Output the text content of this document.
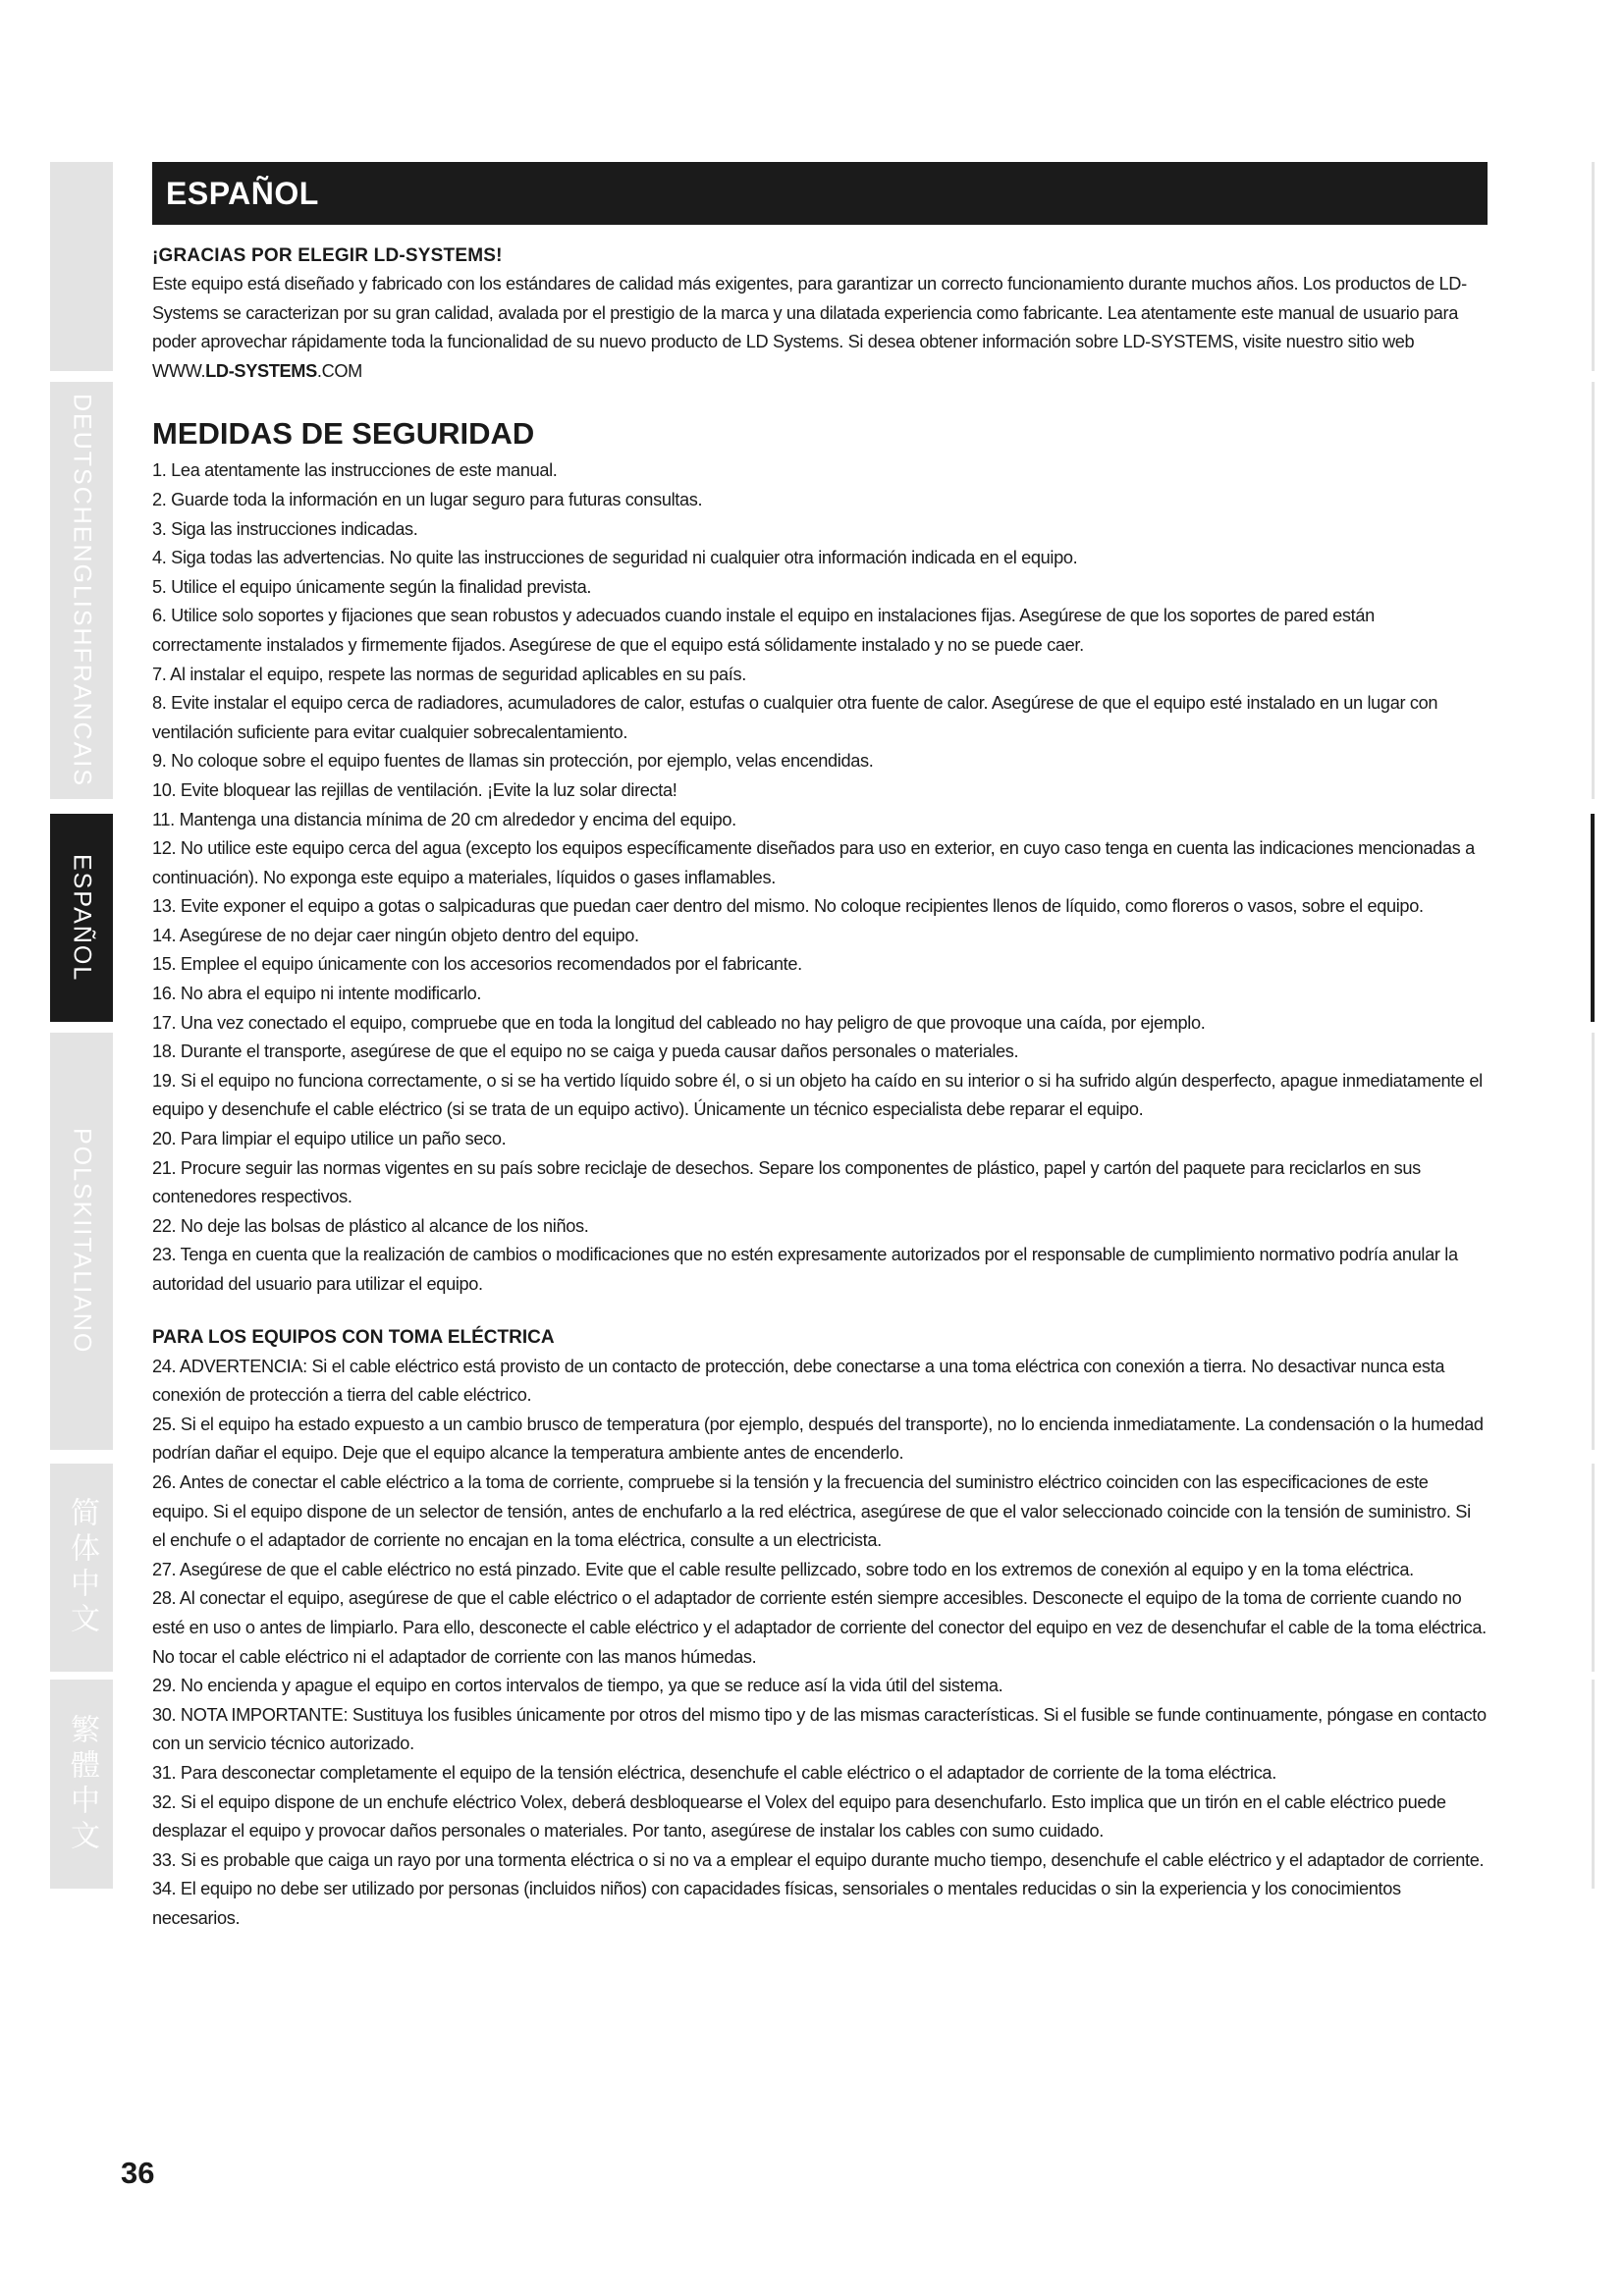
DEUTSCHENGLISHFRANCAIS
ESPAÑOL
POLSKIITALIANO
简体中文
繁體中文
ESPAÑOL
¡GRACIAS POR ELEGIR LD-SYSTEMS!

Este equipo está diseñado y fabricado con los estándares de calidad más exigentes, para garantizar un correcto funcionamiento durante muchos años. Los productos de LD-Systems se caracterizan por su gran calidad, avalada por el prestigio de la marca y una dilatada experiencia como fabricante. Lea atentamente este manual de usuario para poder aprovechar rápidamente toda la funcionalidad de su nuevo producto de LD Systems. Si desea obtener información sobre LD-SYSTEMS, visite nuestro sitio web WWW.LD-SYSTEMS.COM

MEDIDAS DE SEGURIDAD

1. Lea atentamente las instrucciones de este manual.

2. Guarde toda la información en un lugar seguro para futuras consultas.

3. Siga las instrucciones indicadas.

4. Siga todas las advertencias. No quite las instrucciones de seguridad ni cualquier otra información indicada en el equipo.

5. Utilice el equipo únicamente según la finalidad prevista.

6. Utilice solo soportes y fijaciones que sean robustos y adecuados cuando instale el equipo en instalaciones fijas. Asegúrese de que los soportes de pared están correctamente instalados y firmemente fijados. Asegúrese de que el equipo está sólidamente instalado y no se puede caer.

7. Al instalar el equipo, respete las normas de seguridad aplicables en su país.

8. Evite instalar el equipo cerca de radiadores, acumuladores de calor, estufas o cualquier otra fuente de calor. Asegúrese de que el equipo esté instalado en un lugar con ventilación suficiente para evitar cualquier sobrecalentamiento.

9. No coloque sobre el equipo fuentes de llamas sin protección, por ejemplo, velas encendidas.

10. Evite bloquear las rejillas de ventilación. ¡Evite la luz solar directa!

11. Mantenga una distancia mínima de 20 cm alrededor y encima del equipo.

12. No utilice este equipo cerca del agua (excepto los equipos específicamente diseñados para uso en exterior, en cuyo caso tenga en cuenta las indicaciones mencionadas a continuación). No exponga este equipo a materiales, líquidos o gases inflamables.

13. Evite exponer el equipo a gotas o salpicaduras que puedan caer dentro del mismo. No coloque recipientes llenos de líquido, como floreros o vasos, sobre el equipo.

14. Asegúrese de no dejar caer ningún objeto dentro del equipo.

15. Emplee el equipo únicamente con los accesorios recomendados por el fabricante.

16. No abra el equipo ni intente modificarlo.

17. Una vez conectado el equipo, compruebe que en toda la longitud del cableado no hay peligro de que provoque una caída, por ejemplo.

18. Durante el transporte, asegúrese de que el equipo no se caiga y pueda causar daños personales o materiales.

19. Si el equipo no funciona correctamente, o si se ha vertido líquido sobre él, o si un objeto ha caído en su interior o si ha sufrido algún desperfecto, apague inmediatamente el equipo y desenchufe el cable eléctrico (si se trata de un equipo activo). Únicamente un técnico especialista debe reparar el equipo.

20. Para limpiar el equipo utilice un paño seco.

21. Procure seguir las normas vigentes en su país sobre reciclaje de desechos. Separe los componentes de plástico, papel y cartón del paquete para reciclarlos en sus contenedores respectivos.

22. No deje las bolsas de plástico al alcance de los niños.

23. Tenga en cuenta que la realización de cambios o modificaciones que no estén expresamente autorizados por el responsable de cumplimiento normativo podría anular la autoridad del usuario para utilizar el equipo.

PARA LOS EQUIPOS CON TOMA ELÉCTRICA

24. ADVERTENCIA: Si el cable eléctrico está provisto de un contacto de protección, debe conectarse a una toma eléctrica con conexión a tierra. No desactivar nunca esta conexión de protección a tierra del cable eléctrico.

25. Si el equipo ha estado expuesto a un cambio brusco de temperatura (por ejemplo, después del transporte), no lo encienda inmediatamente. La condensación o la humedad podrían dañar el equipo. Deje que el equipo alcance la temperatura ambiente antes de encenderlo.

26. Antes de conectar el cable eléctrico a la toma de corriente, compruebe si la tensión y la frecuencia del suministro eléctrico coinciden con las especificaciones de este equipo. Si el equipo dispone de un selector de tensión, antes de enchufarlo a la red eléctrica, asegúrese de que el valor seleccionado coincide con la tensión de suministro. Si el enchufe o el adaptador de corriente no encajan en la toma eléctrica, consulte a un electricista.

27. Asegúrese de que el cable eléctrico no está pinzado. Evite que el cable resulte pellizcado, sobre todo en los extremos de conexión al equipo y en la toma eléctrica.

28. Al conectar el equipo, asegúrese de que el cable eléctrico o el adaptador de corriente estén siempre accesibles. Desconecte el equipo de la toma de corriente cuando no esté en uso o antes de limpiarlo. Para ello, desconecte el cable eléctrico y el adaptador de corriente del conector del equipo en vez de desenchufar el cable de la toma eléctrica. No tocar el cable eléctrico ni el adaptador de corriente con las manos húmedas.

29. No encienda y apague el equipo en cortos intervalos de tiempo, ya que se reduce así la vida útil del sistema.

30. NOTA IMPORTANTE: Sustituya los fusibles únicamente por otros del mismo tipo y de las mismas características. Si el fusible se funde continuamente, póngase en contacto con un servicio técnico autorizado.

31. Para desconectar completamente el equipo de la tensión eléctrica, desenchufe el cable eléctrico o el adaptador de corriente de la toma eléctrica.

32. Si el equipo dispone de un enchufe eléctrico Volex, deberá desbloquearse el Volex del equipo para desenchufarlo. Esto implica que un tirón en el cable eléctrico puede desplazar el equipo y provocar daños personales o materiales. Por tanto, asegúrese de instalar los cables con sumo cuidado.

33. Si es probable que caiga un rayo por una tormenta eléctrica o si no va a emplear el equipo durante mucho tiempo, desenchufe el cable eléctrico y el adaptador de corriente.

34. El equipo no debe ser utilizado por personas (incluidos niños) con capacidades físicas, sensoriales o mentales reducidas o sin la experiencia y los conocimientos necesarios.

36
